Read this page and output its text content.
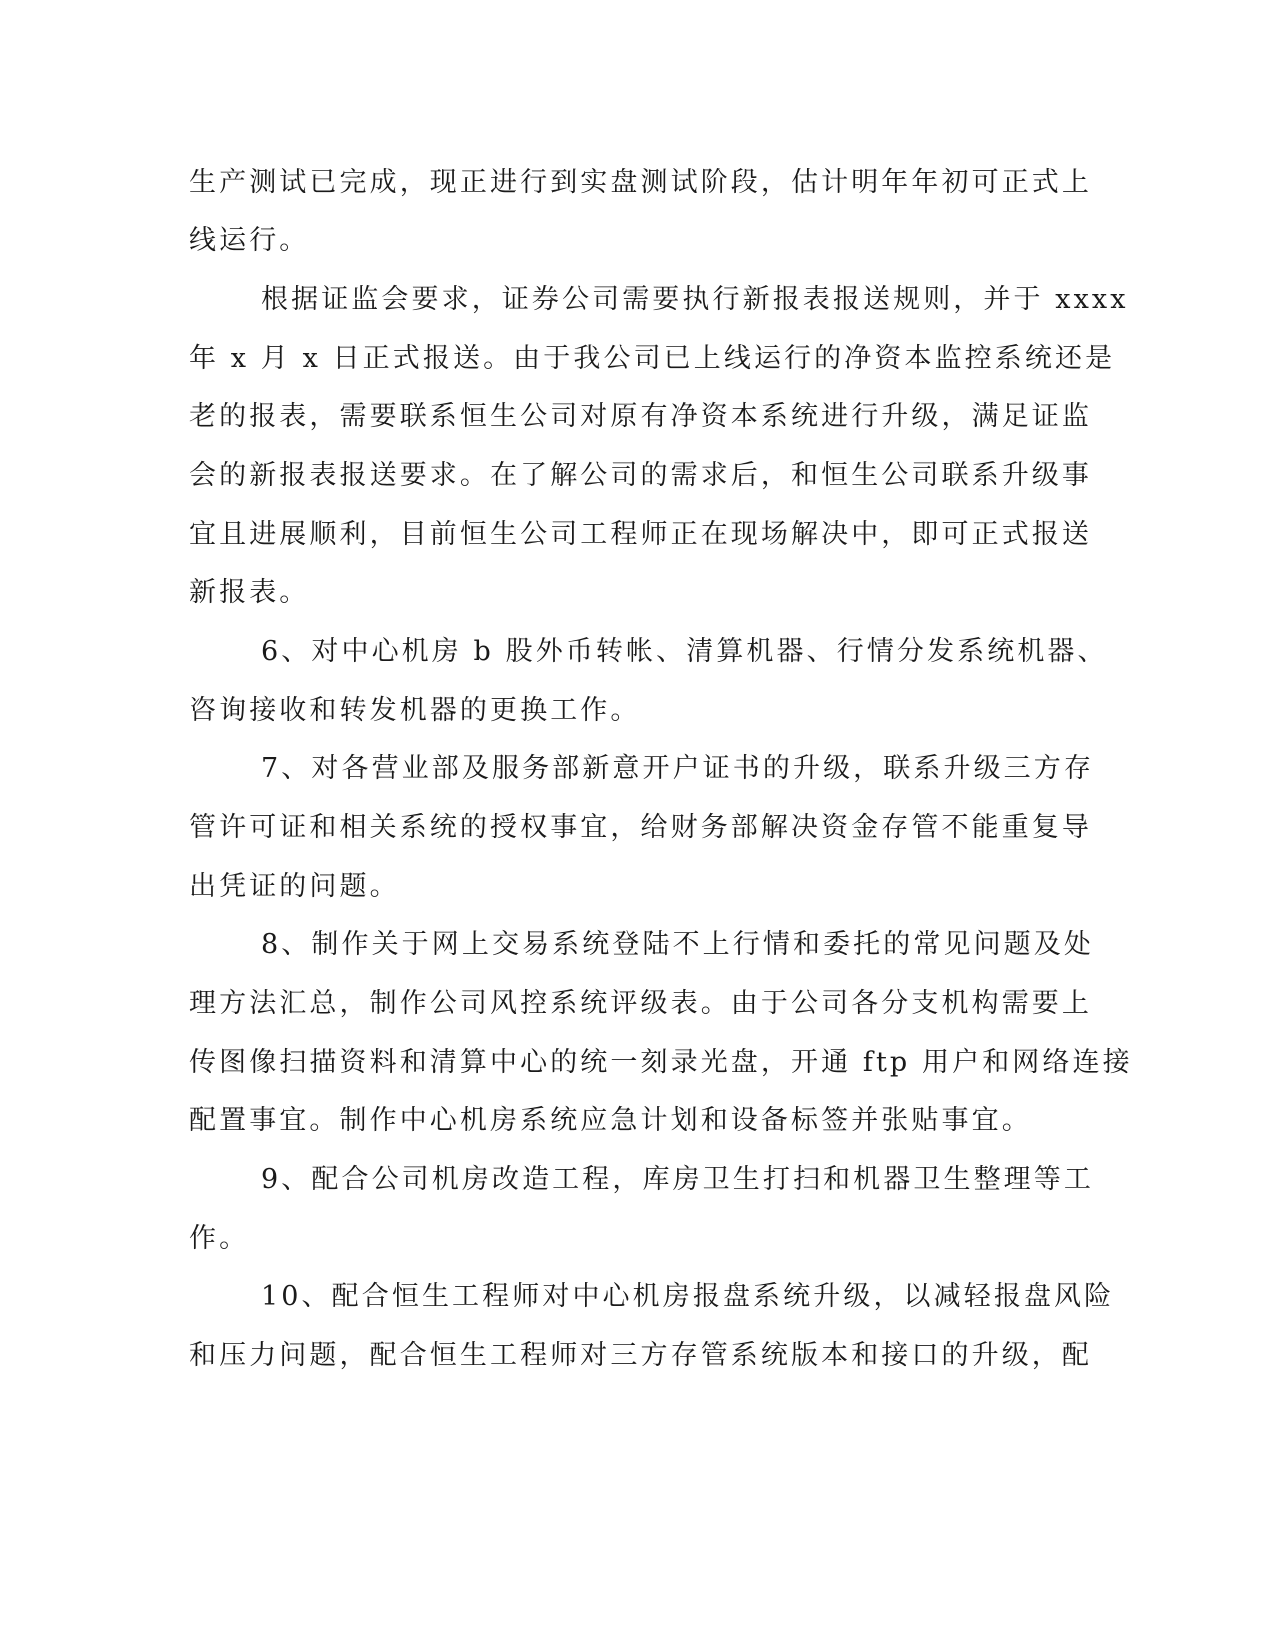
生产测试已完成，现正进行到实盘测试阶段，估计明年年初可正式上
线运行。
根据证监会要求，证券公司需要执行新报表报送规则，并于 xxxx
年 x 月 x 日正式报送。由于我公司已上线运行的净资本监控系统还是
老的报表，需要联系恒生公司对原有净资本系统进行升级，满足证监
会的新报表报送要求。在了解公司的需求后，和恒生公司联系升级事
宜且进展顺利，目前恒生公司工程师正在现场解决中，即可正式报送
新报表。
6、对中心机房 b 股外币转帐、清算机器、行情分发系统机器、
咨询接收和转发机器的更换工作。
7、对各营业部及服务部新意开户证书的升级，联系升级三方存
管许可证和相关系统的授权事宜，给财务部解决资金存管不能重复导
出凭证的问题。
8、制作关于网上交易系统登陆不上行情和委托的常见问题及处
理方法汇总，制作公司风控系统评级表。由于公司各分支机构需要上
传图像扫描资料和清算中心的统一刻录光盘，开通 ftp 用户和网络连接
配置事宜。制作中心机房系统应急计划和设备标签并张贴事宜。
9、配合公司机房改造工程，库房卫生打扫和机器卫生整理等工
作。
10、配合恒生工程师对中心机房报盘系统升级，以减轻报盘风险
和压力问题，配合恒生工程师对三方存管系统版本和接口的升级，配
